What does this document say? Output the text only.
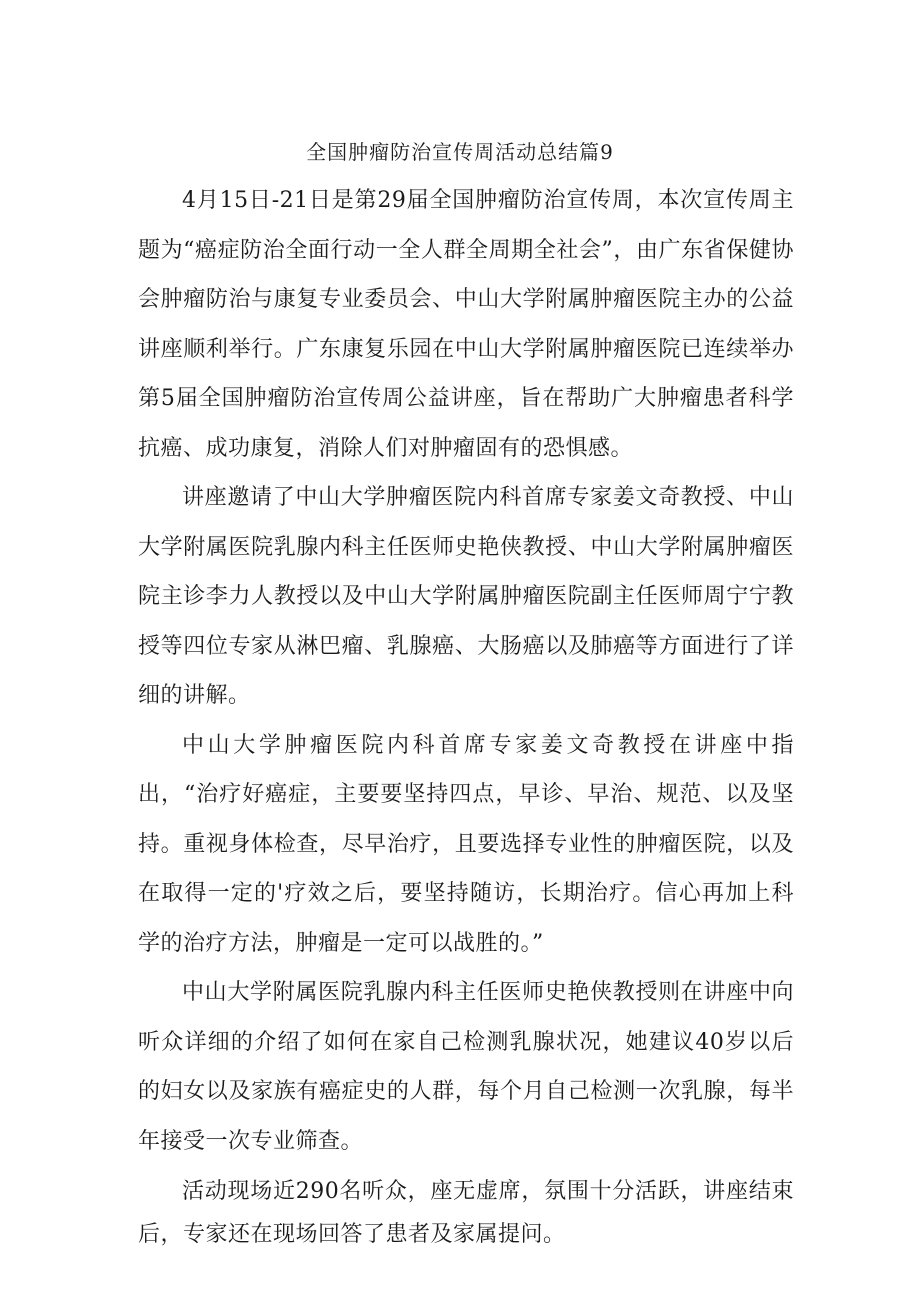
全国肿瘤防治宣传周活动总结篇9

4月15日-21日是第29届全国肿瘤防治宣传周，本次宣传周主题为“癌症防治全面行动一全人群全周期全社会”，由广东省保健协会肿瘤防治与康复专业委员会、中山大学附属肿瘤医院主办的公益讲座顺利举行。广东康复乐园在中山大学附属肿瘤医院已连续举办第5届全国肿瘤防治宣传周公益讲座，旨在帮助广大肿瘤患者科学抗癌、成功康复，消除人们对肿瘤固有的恐惧感。

讲座邀请了中山大学肿瘤医院内科首席专家姜文奇教授、中山大学附属医院乳腺内科主任医师史艳侠教授、中山大学附属肿瘤医院主诊李力人教授以及中山大学附属肿瘤医院副主任医师周宁宁教授等四位专家从淋巴瘤、乳腺癌、大肠癌以及肺癌等方面进行了详细的讲解。

中山大学肿瘤医院内科首席专家姜文奇教授在讲座中指出，“治疗好癌症，主要要坚持四点，早诊、早治、规范、以及坚持。重视身体检查，尽早治疗，且要选择专业性的肿瘤医院，以及在取得一定的'疗效之后，要坚持随访，长期治疗。信心再加上科学的治疗方法，肿瘤是一定可以战胜的。”

中山大学附属医院乳腺内科主任医师史艳侠教授则在讲座中向听众详细的介绍了如何在家自己检测乳腺状况，她建议40岁以后的妇女以及家族有癌症史的人群，每个月自己检测一次乳腺，每半年接受一次专业筛查。

活动现场近290名听众，座无虚席，氛围十分活跃，讲座结束后，专家还在现场回答了患者及家属提问。
